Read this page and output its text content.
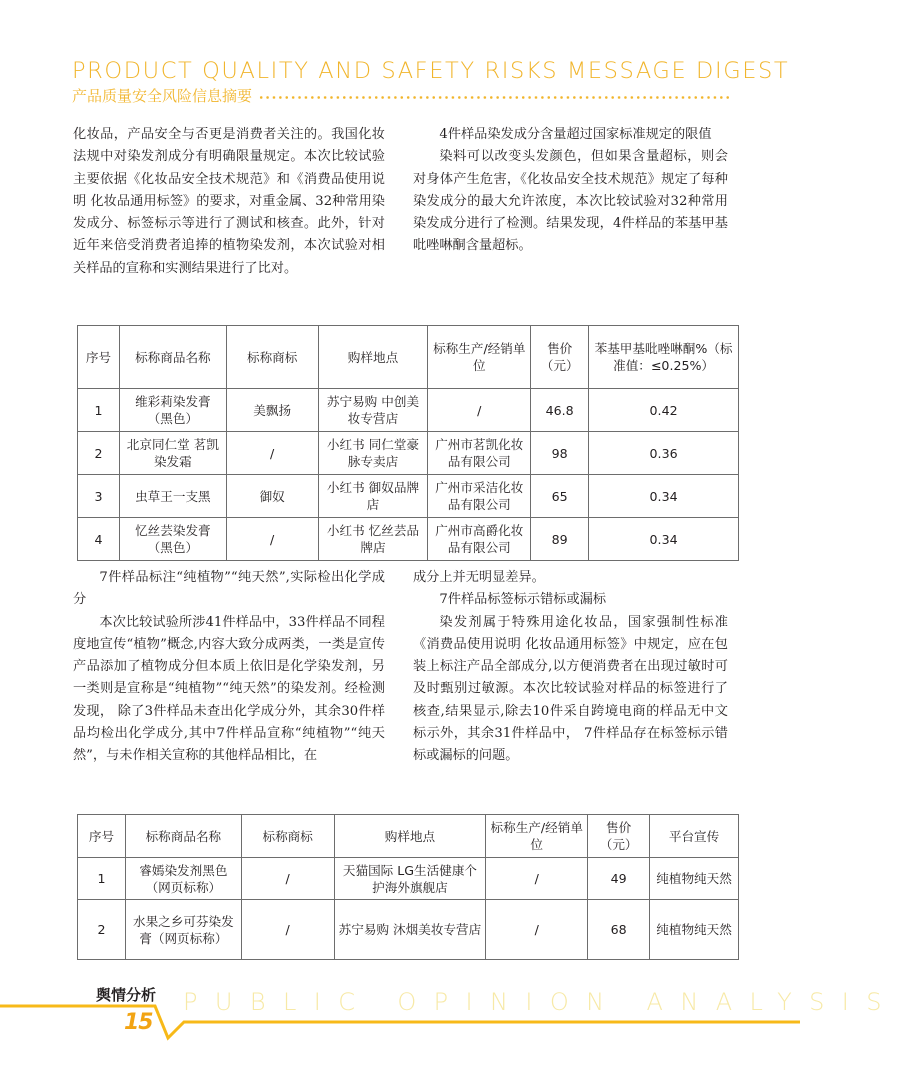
PRODUCT QUALITY AND SAFETY RISKS MESSAGE DIGEST
产品质量安全风险信息摘要

化妆品，产品安全与否更是消费者关注的。我国化妆法规中对染发剂成分有明确限量规定。本次比较试验主要依据《化妆品安全技术规范》和《消费品使用说明 化妆品通用标签》的要求，对重金属、32种常用染发成分、标签标示等进行了测试和核查。此外，针对近年来倍受消费者追捧的植物染发剂，本次试验对相关样品的宣称和实测结果进行了比对。

4件样品染发成分含量超过国家标准规定的限值

染料可以改变头发颜色，但如果含量超标，则会对身体产生危害，《化妆品安全技术规范》规定了每种染发成分的最大允许浓度，本次比较试验对32种常用染发成分进行了检测。结果发现，4件样品的苯基甲基吡唑啉酮含量超标。

序号	标称商品名称	标称商标	购样地点	标称生产/经销单位	售价（元）	苯基甲基吡唑啉酮%（标准值：≤0.25%）
1	维彩莉染发膏（黑色）	美飘扬	苏宁易购 中创美妆专营店	/	46.8	0.42
2	北京同仁堂 茗凯染发霜	/	小红书 同仁堂豪脉专卖店	广州市茗凯化妆品有限公司	98	0.36
3	虫草王一支黑	御奴	小红书 御奴品牌店	广州市采洁化妆品有限公司	65	0.34
4	忆丝芸染发膏（黑色）	/	小红书 忆丝芸品牌店	广州市高爵化妆品有限公司	89	0.34

7件样品标注“纯植物”“纯天然”,实际检出化学成分

本次比较试验所涉41件样品中，33件样品不同程度地宣传“植物”概念,内容大致分成两类，一类是宣传产品添加了植物成分但本质上依旧是化学染发剂，另一类则是宣称是“纯植物”“纯天然”的染发剂。经检测发现， 除了3件样品未查出化学成分外，其余30件样品均检出化学成分,其中7件样品宣称“纯植物”“纯天然”，与未作相关宣称的其他样品相比，在

成分上并无明显差异。

7件样品标签标示错标或漏标

染发剂属于特殊用途化妆品，国家强制性标准《消费品使用说明 化妆品通用标签》中规定，应在包装上标注产品全部成分,以方便消费者在出现过敏时可及时甄别过敏源。本次比较试验对样品的标签进行了核查,结果显示,除去10件采自跨境电商的样品无中文标示外，其余31件样品中， 7件样品存在标签标示错标或漏标的问题。

序号	标称商品名称	标称商标	购样地点	标称生产/经销单位	售价（元）	平台宣传
1	睿嫣染发剂黑色（网页标称）	/	天猫国际 LG生活健康个护海外旗舰店	/	49	纯植物纯天然
2	水果之乡可芬染发膏（网页标称）	/	苏宁易购 沐烟美妆专营店	/	68	纯植物纯天然
舆情分析 PUBLIC OPINION ANALYSIS
15
